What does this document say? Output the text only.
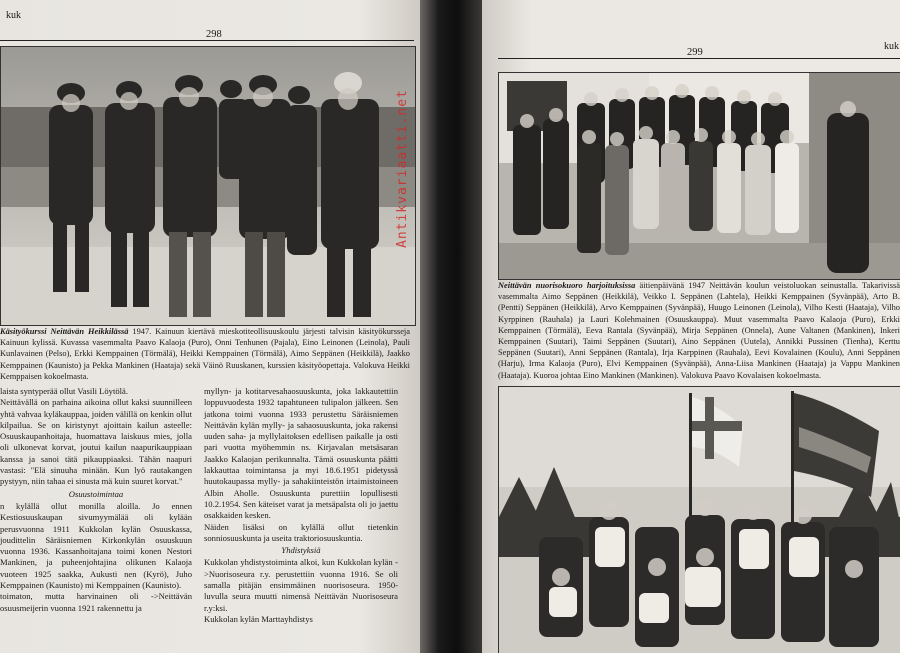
kuk
298
Käsityökurssi Neittävän Heikkilässä 1947. Kainuun kiertävä mieskotiteollisuuskoulu järjesti talvisin käsityökursseja Kainuun kylissä. Kuvassa vasemmalta Paavo Kalaoja (Puro), Onni Tenhunen (Pajala), Eino Leinonen (Leinola), Pauli Kunlavainen (Pelso), Erkki Kemppainen (Törmälä), Heikki Kemppainen (Törmälä), Aimo Seppänen (Heikkilä), Jaakko Kemppainen (Kaunisto) ja Pekka Mankinen (Haataja) sekä Väinö Ruuskanen, kurssien käsityöopettaja. Valokuva Heikki Kemppaisen kokoelmasta.

laista syntyperää ollut Vasili Löytölä.

Neittävällä on parhaina aikoina ollut kaksi suunnilleen yhtä vahvaa kyläkauppaa, joiden välillä on kenkin ollut kilpailua. Se on kiristynyt ajoittain kailun asteelle: Osuuskaupanhoitaja, huomattava laiskuus mies, jolla oli ulkonevat korvat, joutui kailun naapurikauppiaan kanssa ja sanoi tätä pikauppiaaksi. Tähän naapuri vastasi: "Elä sinuuha minään. Kun lyö rautakangen pystyyn, niin tahaa ei sinusta mä kuin suuret korvat."

Osuustoimintaa

n kylällä ollut monilla aloilla. Jo ennen Kestiosuuskaupan sivumyymälää oli kylään perusvuonna 1911 Kukkolan kylän Osuuskassa, joudittelin Säräisniemen Kirkonkylän osuuskuun vuonna 1936. Kassanhoitajana toimi konen Nestori Mankinen, ja puheenjohtajina olikunen Kalaoja vuoteen 1925 saakka, Aukusti nen (Kyrö), Juho Kemppainen (Kaunisto) mi Kemppainen (Kaunisto).

toimaton, mutta harvinainen oli ->Neittävän osuusmeijerin vuonna 1921 rakennettu ja

myllyn- ja kotitarvesahaosuuskunta, joka lakkautettiin loppuvuodesta 1932 tapahtuneen tulipalon jälkeen. Sen jatkona toimi vuonna 1933 perustettu Säräisniemen Neittävän kylän mylly- ja sahaosuuskunta, joka rakensi uuden saha- ja myllylaitoksen edellisen paikalle ja osti pari vuotta myöhemmin ns. Kirjavalan metsäsaran Jaakko Kalaojan perikunnalta. Tämä osuuskunta päätti lakkauttaa toimintansa ja myi 18.6.1951 pidetyssä huutokaupassa mylly- ja sahakiinteistön irtaimistoineen Albin Aholle. Osuuskunta purettiin lopullisesti 10.2.1954. Sen käteiset varat ja metsäpalsta oli jo jaettu osakkaiden kesken.

Näiden lisäksi on kylällä ollut tietenkin sonniosuuskunta ja useita traktoriosuuskuntia.

Yhdistyksiä

Kukkolan yhdistystoiminta alkoi, kun Kukkolan kylän ->Nuorisoseura r.y. perustettiin vuonna 1916. Se oli samalla pitäjän ensimmäinen nuorisoseura. 1950-luvulla seura muutti nimensä Neittävän Nuorisoseura r.y:ksi.

Kukkolan kylän Marttayhdistys

299
kuk
Neittävän nuorisokuoro harjoituksissa äitienpäivänä 1947 Neittävän koulun veistoluokan seinustalla. Takarivissä vasemmalta Aimo Seppänen (Heikkilä), Veikko I. Seppänen (Lahtela), Heikki Kemppainen (Syvänpää), Arto B. (Pentti) Seppänen (Heikkilä), Arvo Kemppainen (Syvänpää), Huugo Leinonen (Leinola), Vilho Kesti (Haataja), Vilho Kyrppinen (Rauhala) ja Lauri Kolehmainen (Osuuskauppa). Muut vasemmalta Paavo Kalaoja (Puro), Erkki Kemppainen (Törmälä), Eeva Rantala (Syvänpää), Mirja Seppänen (Onnela), Aune Valtanen (Mankinen), Inkeri Kemppainen (Suutari), Taimi Seppänen (Suutari), Aino Seppänen (Uutela), Annikki Pussinen (Tienha), Kerttu Seppänen (Suutari), Anni Seppänen (Rantala), Irja Karppinen (Rauhala), Eevi Kovalainen (Koulu), Anni Seppänen (Harju), Irma Kalaoja (Puro), Elvi Kemppainen (Syvänpää), Anna-Liisa Mankinen (Haataja) ja Vappu Mankinen (Haataja). Kuoroa johtaa Eino Mankinen (Mankinen). Valokuva Paavo Kovalaisen kokoelmasta.
Antikvariaatti.net
